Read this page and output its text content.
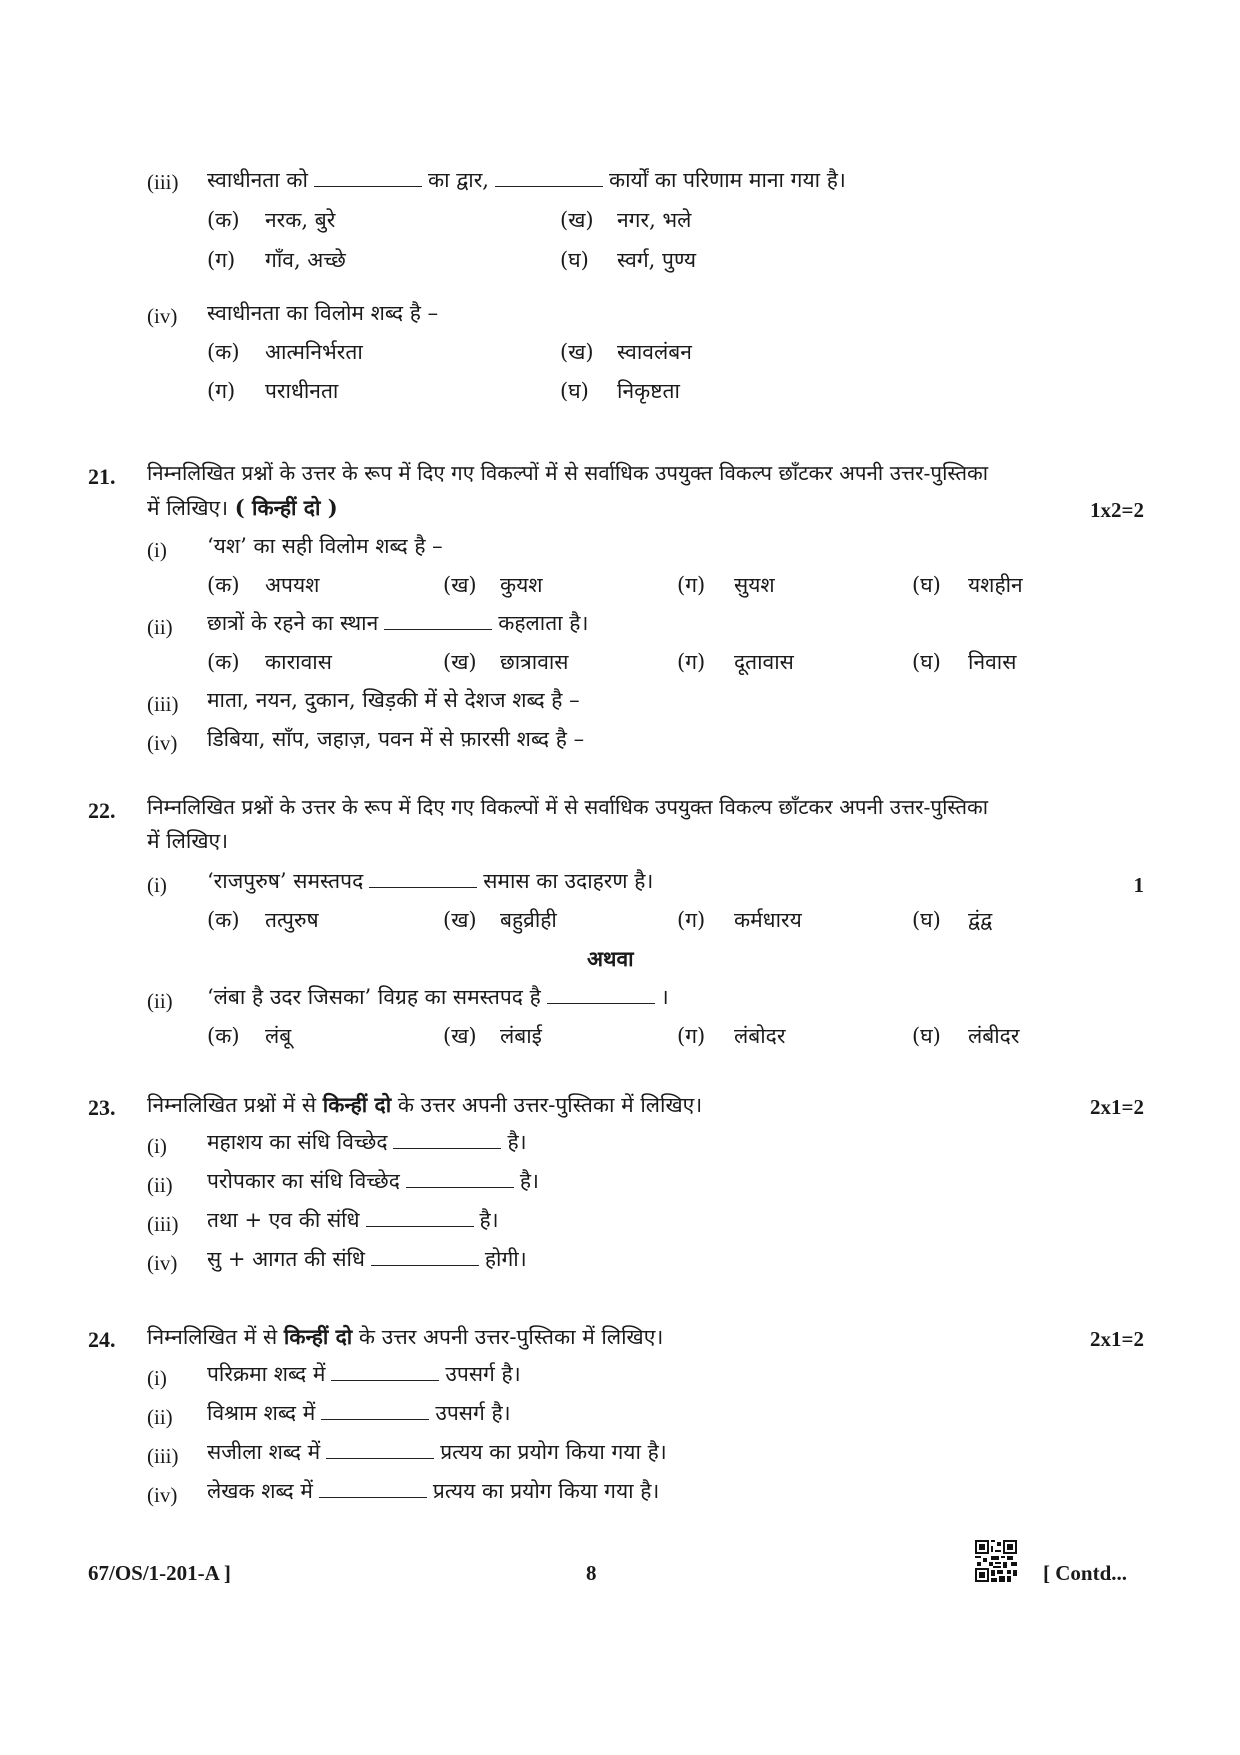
(iii) स्वाधीनता को	का द्वार,	कार्यों का परिणाम माना गया है।
(क) नरक, बुरे	(ख) नगर, भले
(ग) गाँव, अच्छे	(घ) स्वर्ग, पुण्य
(iv) स्वाधीनता का विलोम शब्द है –
(क) आत्मनिर्भरता	(ख) स्वावलंबन
(ग) पराधीनता	(घ) निकृष्टता
21. निम्नलिखित प्रश्नों के उत्तर के रूप में दिए गए विकल्पों में से सर्वाधिक उपयुक्त विकल्प छाँटकर अपनी उत्तर-पुस्तिका
में लिखिए। ( किन्हीं दो )	1x2=2
(i) ‘यश’ का सही विलोम शब्द है –
(क) अपयश	(ख) कुयश	(ग) सुयश	(घ) यशहीन
(ii) छात्रों के रहने का स्थान	कहलाता है।
(क) कारावास	(ख) छात्रावास	(ग) दूतावास	(घ) निवास
(iii) माता, नयन, दुकान, खिड़की में से देशज शब्द है –
(iv) डिबिया, साँप, जहाज़, पवन में से फ़ारसी शब्द है –
22. निम्नलिखित प्रश्नों के उत्तर के रूप में दिए गए विकल्पों में से सर्वाधिक उपयुक्त विकल्प छाँटकर अपनी उत्तर-पुस्तिका
में लिखिए।
(i) ‘राजपुरुष’ समस्तपद	समास का उदाहरण है।	1
(क) तत्पुरुष	(ख) बहुव्रीही	(ग) कर्मधारय	(घ) द्वंद्व
अथवा
(ii) ‘लंबा है उदर जिसका’ विग्रह का समस्तपद है	।
(क) लंबू	(ख) लंबाई	(ग) लंबोदर	(घ) लंबीदर
23. निम्नलिखित प्रश्नों में से किन्हीं दो के उत्तर अपनी उत्तर-पुस्तिका में लिखिए।	2x1=2
(i) महाशय का संधि विच्छेद	है।
(ii) परोपकार का संधि विच्छेद	है।
(iii) तथा + एव की संधि	है।
(iv) सु + आगत की संधि	होगी।
24. निम्नलिखित में से किन्हीं दो के उत्तर अपनी उत्तर-पुस्तिका में लिखिए।	2x1=2
(i) परिक्रमा शब्द में	उपसर्ग है।
(ii) विश्राम शब्द में	उपसर्ग है।
(iii) सजीला शब्द में	प्रत्यय का प्रयोग किया गया है।
(iv) लेखक शब्द में	प्रत्यय का प्रयोग किया गया है।
67/OS/1-201-A ]	8	[ Contd...
